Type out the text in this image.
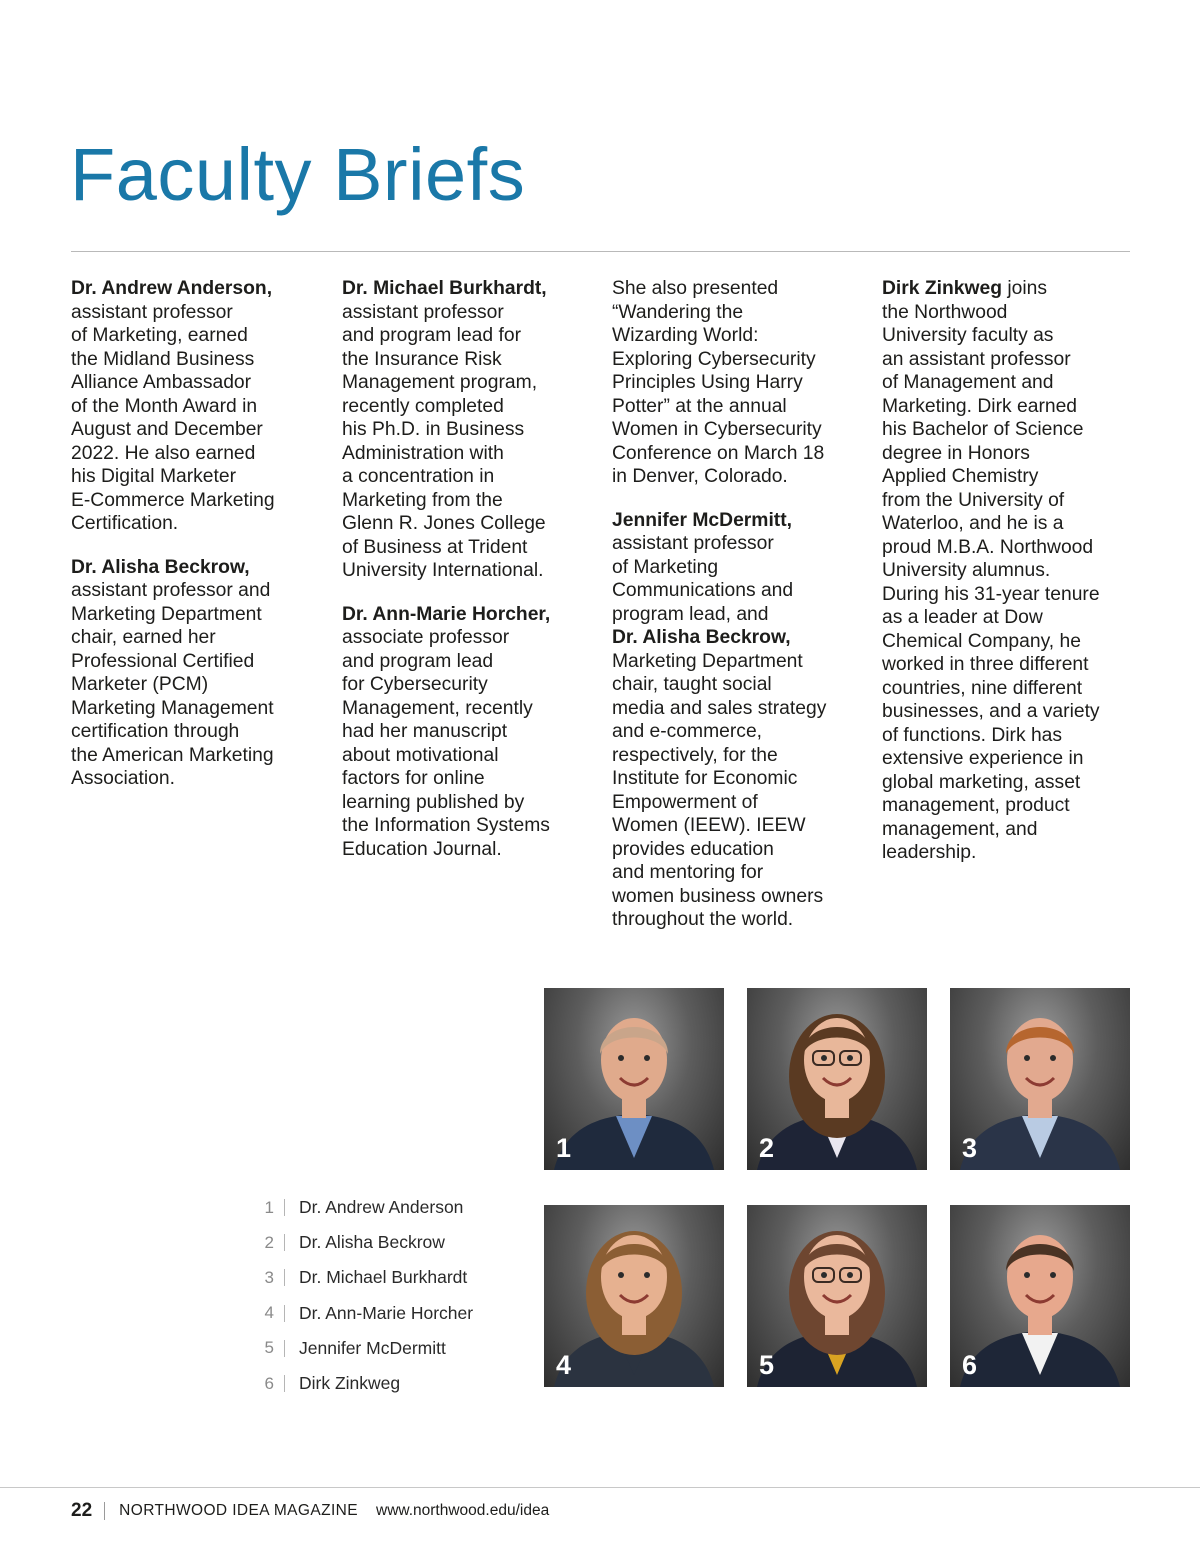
Faculty Briefs

Dr. Andrew Anderson,
assistant professor
of Marketing, earned
the Midland Business
Alliance Ambassador
of the Month Award in
August and December
2022. He also earned
his Digital Marketer
E-Commerce Marketing
Certification.

Dr. Alisha Beckrow,
assistant professor and
Marketing Department
chair, earned her
Professional Certified
Marketer (PCM)
Marketing Management
certification through
the American Marketing
Association.

Dr. Michael Burkhardt,
assistant professor
and program lead for
the Insurance Risk
Management program,
recently completed
his Ph.D. in Business
Administration with
a concentration in
Marketing from the
Glenn R. Jones College
of Business at Trident
University International.

Dr. Ann-Marie Horcher,
associate professor
and program lead
for Cybersecurity
Management, recently
had her manuscript
about motivational
factors for online
learning published by
the Information Systems
Education Journal.

She also presented
“Wandering the
Wizarding World:
Exploring Cybersecurity
Principles Using Harry
Potter” at the annual
Women in Cybersecurity
Conference on March 18
in Denver, Colorado.

Jennifer McDermitt,
assistant professor
of Marketing
Communications and
program lead, and
Dr. Alisha Beckrow,
Marketing Department
chair, taught social
media and sales strategy
and e-commerce,
respectively, for the
Institute for Economic
Empowerment of
Women (IEEW). IEEW
provides education
and mentoring for
women business owners
throughout the world.

Dirk Zinkweg joins
the Northwood
University faculty as
an assistant professor
of Management and
Marketing. Dirk earned
his Bachelor of Science
degree in Honors
Applied Chemistry
from the University of
Waterloo, and he is a
proud M.B.A. Northwood
University alumnus.
During his 31-year tenure
as a leader at Dow
Chemical Company, he
worked in three different
countries, nine different
businesses, and a variety
of functions. Dirk has
extensive experience in
global marketing, asset
management, product
management, and
leadership.

1 Dr. Andrew Anderson
2 Dr. Alisha Beckrow
3 Dr. Michael Burkhardt
4 Dr. Ann-Marie Horcher
5 Jennifer McDermitt
6 Dirk Zinkweg
1	2	3
4	5	6
22 NORTHWOOD IDEA MAGAZINE www.northwood.edu/idea
